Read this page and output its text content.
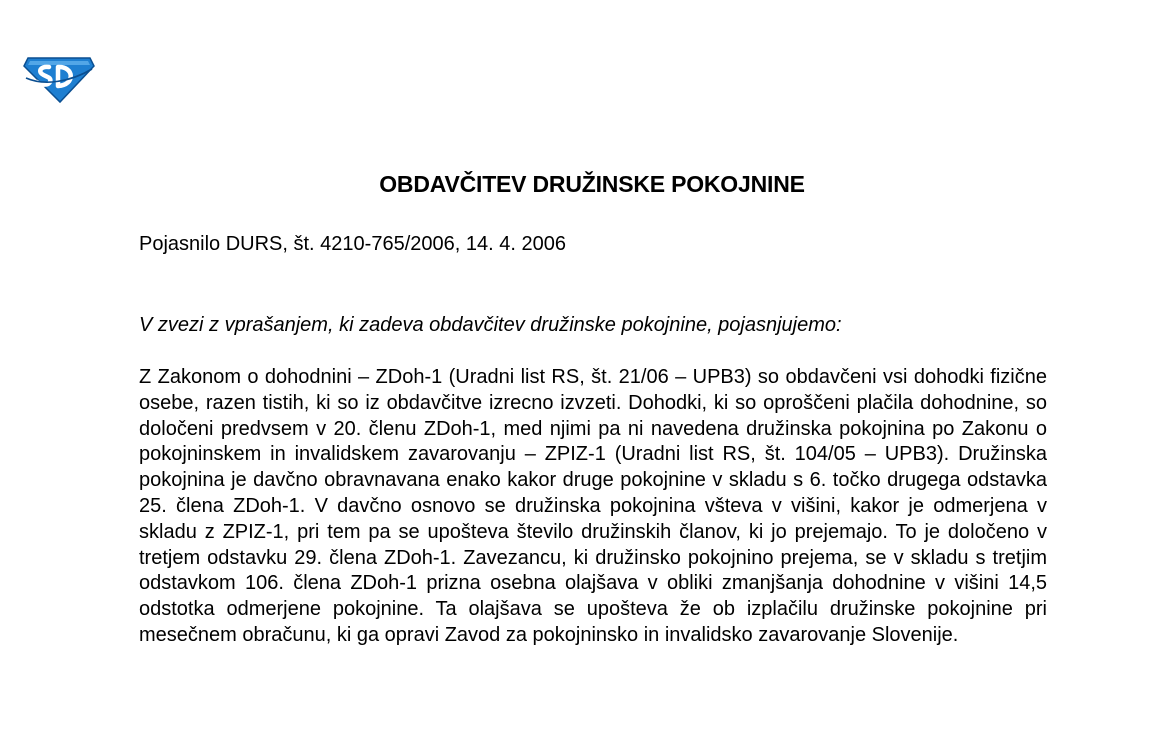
OBDAVČITEV DRUŽINSKE POKOJNINE

Pojasnilo DURS, št. 4210-765/2006, 14. 4. 2006

V zvezi z vprašanjem, ki zadeva obdavčitev družinske pokojnine, pojasnjujemo:

Z Zakonom o dohodnini – ZDoh-1 (Uradni list RS, št. 21/06 – UPB3) so obdavčeni vsi dohodki fizične osebe, razen tistih, ki so iz obdavčitve izrecno izvzeti. Dohodki, ki so oproščeni plačila dohodnine, so določeni predvsem v 20. členu ZDoh-1, med njimi pa ni navedena družinska pokojnina po Zakonu o pokojninskem in invalidskem zavarovanju – ZPIZ-1 (Uradni list RS, št. 104/05 – UPB3). Družinska pokojnina je davčno obravnavana enako kakor druge pokojnine v skladu s 6. točko drugega odstavka 25. člena ZDoh-1. V davčno osnovo se družinska pokojnina všteva v višini, kakor je odmerjena v skladu z ZPIZ-1, pri tem pa se upošteva število družinskih članov, ki jo prejemajo. To je določeno v tretjem odstavku 29. člena ZDoh-1. Zavezancu, ki družinsko pokojnino prejema, se v skladu s tretjim odstavkom 106. člena ZDoh-1 prizna osebna olajšava v obliki zmanjšanja dohodnine v višini 14,5 odstotka odmerjene pokojnine. Ta olajšava se upošteva že ob izplačilu družinske pokojnine pri mesečnem obračunu, ki ga opravi Zavod za pokojninsko in invalidsko zavarovanje Slovenije.
